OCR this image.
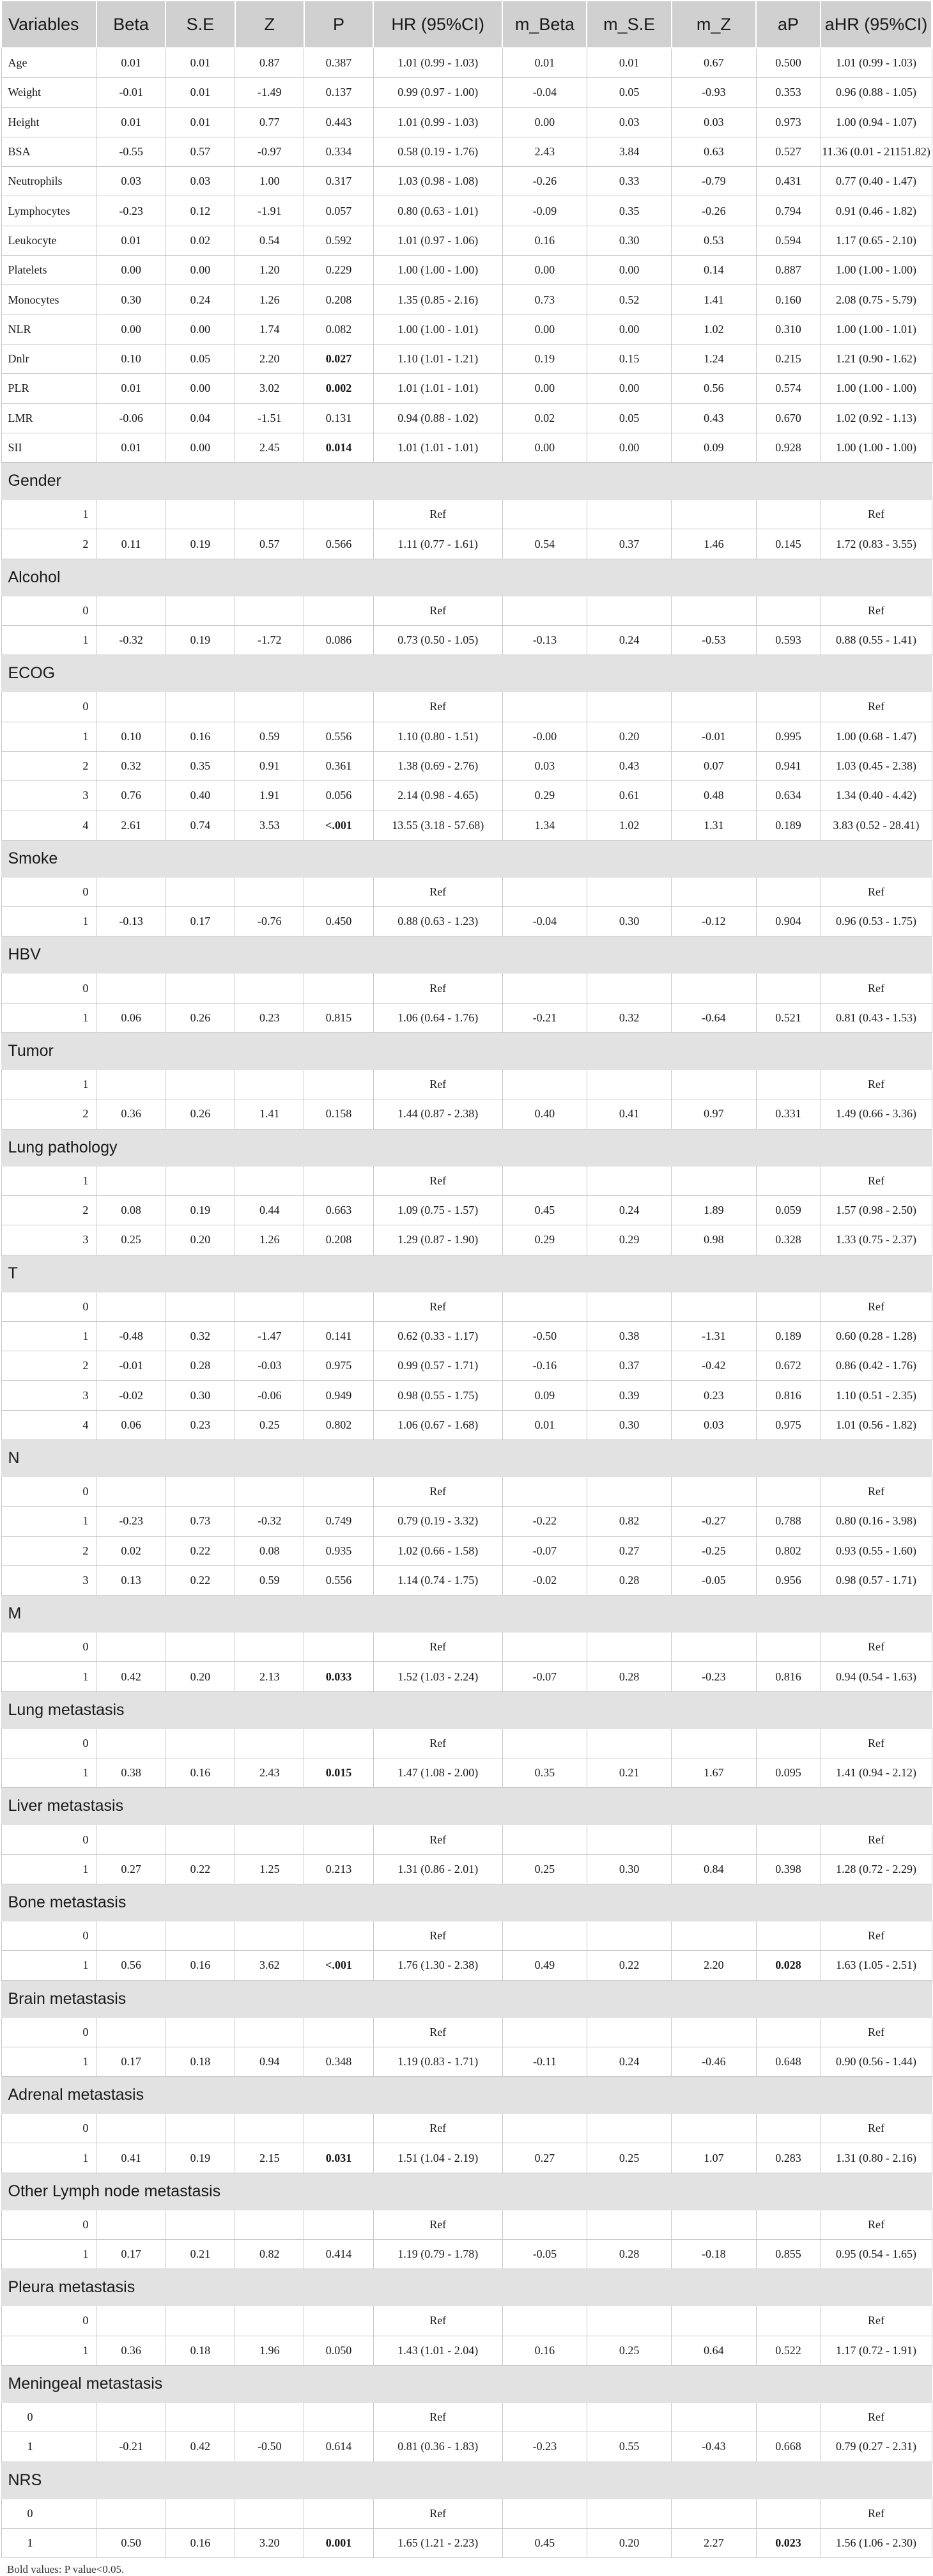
Variables	Beta	S.E	Z	P	HR (95%CI)	m_Beta	m_S.E	m_Z	aP	aHR (95%CI)
Age	0.01	0.01	0.87	0.387	1.01 (0.99 - 1.03)	0.01	0.01	0.67	0.500	1.01 (0.99 - 1.03)
Weight	-0.01	0.01	-1.49	0.137	0.99 (0.97 - 1.00)	-0.04	0.05	-0.93	0.353	0.96 (0.88 - 1.05)
Height	0.01	0.01	0.77	0.443	1.01 (0.99 - 1.03)	0.00	0.03	0.03	0.973	1.00 (0.94 - 1.07)
BSA	-0.55	0.57	-0.97	0.334	0.58 (0.19 - 1.76)	2.43	3.84	0.63	0.527	11.36 (0.01 - 21151.82)
Neutrophils	0.03	0.03	1.00	0.317	1.03 (0.98 - 1.08)	-0.26	0.33	-0.79	0.431	0.77 (0.40 - 1.47)
Lymphocytes	-0.23	0.12	-1.91	0.057	0.80 (0.63 - 1.01)	-0.09	0.35	-0.26	0.794	0.91 (0.46 - 1.82)
Leukocyte	0.01	0.02	0.54	0.592	1.01 (0.97 - 1.06)	0.16	0.30	0.53	0.594	1.17 (0.65 - 2.10)
Platelets	0.00	0.00	1.20	0.229	1.00 (1.00 - 1.00)	0.00	0.00	0.14	0.887	1.00 (1.00 - 1.00)
Monocytes	0.30	0.24	1.26	0.208	1.35 (0.85 - 2.16)	0.73	0.52	1.41	0.160	2.08 (0.75 - 5.79)
NLR	0.00	0.00	1.74	0.082	1.00 (1.00 - 1.01)	0.00	0.00	1.02	0.310	1.00 (1.00 - 1.01)
Dnlr	0.10	0.05	2.20	0.027	1.10 (1.01 - 1.21)	0.19	0.15	1.24	0.215	1.21 (0.90 - 1.62)
PLR	0.01	0.00	3.02	0.002	1.01 (1.01 - 1.01)	0.00	0.00	0.56	0.574	1.00 (1.00 - 1.00)
LMR	-0.06	0.04	-1.51	0.131	0.94 (0.88 - 1.02)	0.02	0.05	0.43	0.670	1.02 (0.92 - 1.13)
SII	0.01	0.00	2.45	0.014	1.01 (1.01 - 1.01)	0.00	0.00	0.09	0.928	1.00 (1.00 - 1.00)
Gender										
1					Ref					Ref
2	0.11	0.19	0.57	0.566	1.11 (0.77 - 1.61)	0.54	0.37	1.46	0.145	1.72 (0.83 - 3.55)
Alcohol										
0					Ref					Ref
1	-0.32	0.19	-1.72	0.086	0.73 (0.50 - 1.05)	-0.13	0.24	-0.53	0.593	0.88 (0.55 - 1.41)
ECOG										
0					Ref					Ref
1	0.10	0.16	0.59	0.556	1.10 (0.80 - 1.51)	-0.00	0.20	-0.01	0.995	1.00 (0.68 - 1.47)
2	0.32	0.35	0.91	0.361	1.38 (0.69 - 2.76)	0.03	0.43	0.07	0.941	1.03 (0.45 - 2.38)
3	0.76	0.40	1.91	0.056	2.14 (0.98 - 4.65)	0.29	0.61	0.48	0.634	1.34 (0.40 - 4.42)
4	2.61	0.74	3.53	<.001	13.55 (3.18 - 57.68)	1.34	1.02	1.31	0.189	3.83 (0.52 - 28.41)
Smoke										
0					Ref					Ref
1	-0.13	0.17	-0.76	0.450	0.88 (0.63 - 1.23)	-0.04	0.30	-0.12	0.904	0.96 (0.53 - 1.75)
HBV										
0					Ref					Ref
1	0.06	0.26	0.23	0.815	1.06 (0.64 - 1.76)	-0.21	0.32	-0.64	0.521	0.81 (0.43 - 1.53)
Tumor										
1					Ref					Ref
2	0.36	0.26	1.41	0.158	1.44 (0.87 - 2.38)	0.40	0.41	0.97	0.331	1.49 (0.66 - 3.36)
Lung pathology										
1					Ref					Ref
2	0.08	0.19	0.44	0.663	1.09 (0.75 - 1.57)	0.45	0.24	1.89	0.059	1.57 (0.98 - 2.50)
3	0.25	0.20	1.26	0.208	1.29 (0.87 - 1.90)	0.29	0.29	0.98	0.328	1.33 (0.75 - 2.37)
T										
0					Ref					Ref
1	-0.48	0.32	-1.47	0.141	0.62 (0.33 - 1.17)	-0.50	0.38	-1.31	0.189	0.60 (0.28 - 1.28)
2	-0.01	0.28	-0.03	0.975	0.99 (0.57 - 1.71)	-0.16	0.37	-0.42	0.672	0.86 (0.42 - 1.76)
3	-0.02	0.30	-0.06	0.949	0.98 (0.55 - 1.75)	0.09	0.39	0.23	0.816	1.10 (0.51 - 2.35)
4	0.06	0.23	0.25	0.802	1.06 (0.67 - 1.68)	0.01	0.30	0.03	0.975	1.01 (0.56 - 1.82)
N										
0					Ref					Ref
1	-0.23	0.73	-0.32	0.749	0.79 (0.19 - 3.32)	-0.22	0.82	-0.27	0.788	0.80 (0.16 - 3.98)
2	0.02	0.22	0.08	0.935	1.02 (0.66 - 1.58)	-0.07	0.27	-0.25	0.802	0.93 (0.55 - 1.60)
3	0.13	0.22	0.59	0.556	1.14 (0.74 - 1.75)	-0.02	0.28	-0.05	0.956	0.98 (0.57 - 1.71)
M										
0					Ref					Ref
1	0.42	0.20	2.13	0.033	1.52 (1.03 - 2.24)	-0.07	0.28	-0.23	0.816	0.94 (0.54 - 1.63)
Lung metastasis										
0					Ref					Ref
1	0.38	0.16	2.43	0.015	1.47 (1.08 - 2.00)	0.35	0.21	1.67	0.095	1.41 (0.94 - 2.12)
Liver metastasis										
0					Ref					Ref
1	0.27	0.22	1.25	0.213	1.31 (0.86 - 2.01)	0.25	0.30	0.84	0.398	1.28 (0.72 - 2.29)
Bone metastasis										
0					Ref					Ref
1	0.56	0.16	3.62	<.001	1.76 (1.30 - 2.38)	0.49	0.22	2.20	0.028	1.63 (1.05 - 2.51)
Brain metastasis										
0					Ref					Ref
1	0.17	0.18	0.94	0.348	1.19 (0.83 - 1.71)	-0.11	0.24	-0.46	0.648	0.90 (0.56 - 1.44)
Adrenal metastasis										
0					Ref					Ref
1	0.41	0.19	2.15	0.031	1.51 (1.04 - 2.19)	0.27	0.25	1.07	0.283	1.31 (0.80 - 2.16)
Other Lymph node metastasis										
0					Ref					Ref
1	0.17	0.21	0.82	0.414	1.19 (0.79 - 1.78)	-0.05	0.28	-0.18	0.855	0.95 (0.54 - 1.65)
Pleura metastasis										
0					Ref					Ref
1	0.36	0.18	1.96	0.050	1.43 (1.01 - 2.04)	0.16	0.25	0.64	0.522	1.17 (0.72 - 1.91)
Meningeal metastasis										
0					Ref					Ref
1	-0.21	0.42	-0.50	0.614	0.81 (0.36 - 1.83)	-0.23	0.55	-0.43	0.668	0.79 (0.27 - 2.31)
NRS										
0					Ref					Ref
1	0.50	0.16	3.20	0.001	1.65 (1.21 - 2.23)	0.45	0.20	2.27	0.023	1.56 (1.06 - 2.30)
Bold values: P value<0.05.
